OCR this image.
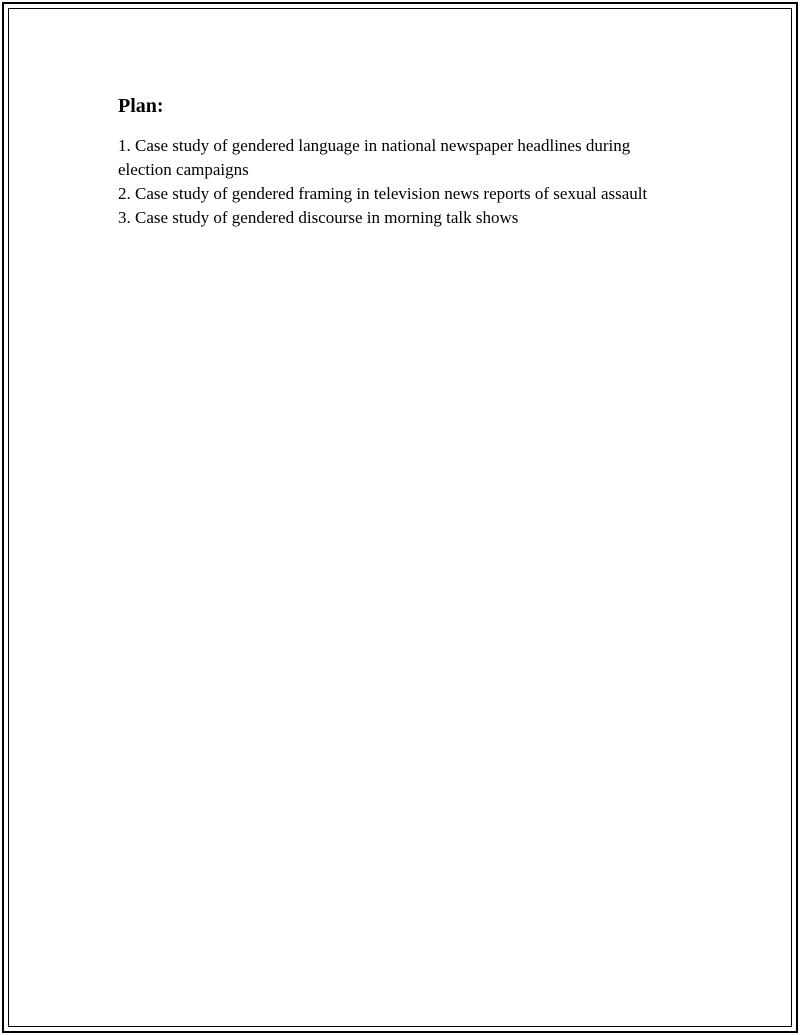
Plan:
1. Case study of gendered language in national newspaper headlines during election campaigns
2. Case study of gendered framing in television news reports of sexual assault
3. Case study of gendered discourse in morning talk shows
